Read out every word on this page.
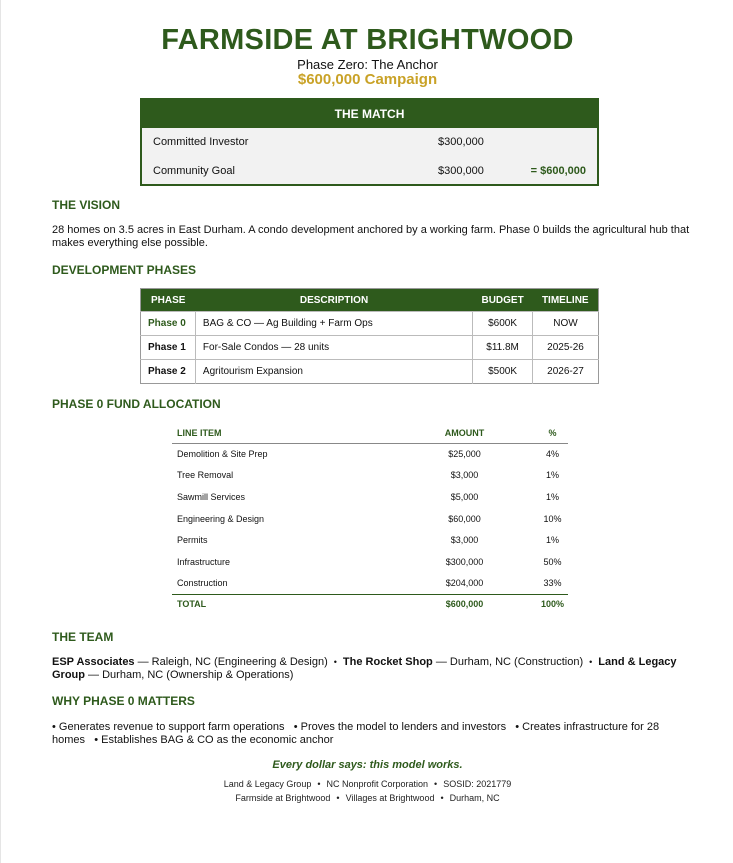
FARMSIDE AT BRIGHTWOOD
Phase Zero: The Anchor
$600,000 Campaign
THE MATCH
Committed Investor	$300,000
Community Goal	$300,000	= $600,000
THE VISION
28 homes on 3.5 acres in East Durham. A condo development anchored by a working farm. Phase 0 builds the agricultural hub that makes everything else possible.
DEVELOPMENT PHASES
PHASE	DESCRIPTION	BUDGET	TIMELINE
Phase 0	BAG & CO — Ag Building + Farm Ops	$600K	NOW
Phase 1	For-Sale Condos — 28 units	$11.8M	2025-26
Phase 2	Agritourism Expansion	$500K	2026-27
PHASE 0 FUND ALLOCATION
LINE ITEM	AMOUNT	%
Demolition & Site Prep	$25,000	4%
Tree Removal	$3,000	1%
Sawmill Services	$5,000	1%
Engineering & Design	$60,000	10%
Permits	$3,000	1%
Infrastructure	$300,000	50%
Construction	$204,000	33%
TOTAL	$600,000	100%
THE TEAM
ESP Associates — Raleigh, NC (Engineering & Design) • The Rocket Shop — Durham, NC (Construction) • Land & Legacy Group — Durham, NC (Ownership & Operations)
WHY PHASE 0 MATTERS
• Generates revenue to support farm operations • Proves the model to lenders and investors • Creates infrastructure for 28 homes • Establishes BAG & CO as the economic anchor
Every dollar says: this model works.
Land & Legacy Group • NC Nonprofit Corporation • SOSID: 2021779
Farmside at Brightwood • Villages at Brightwood • Durham, NC
